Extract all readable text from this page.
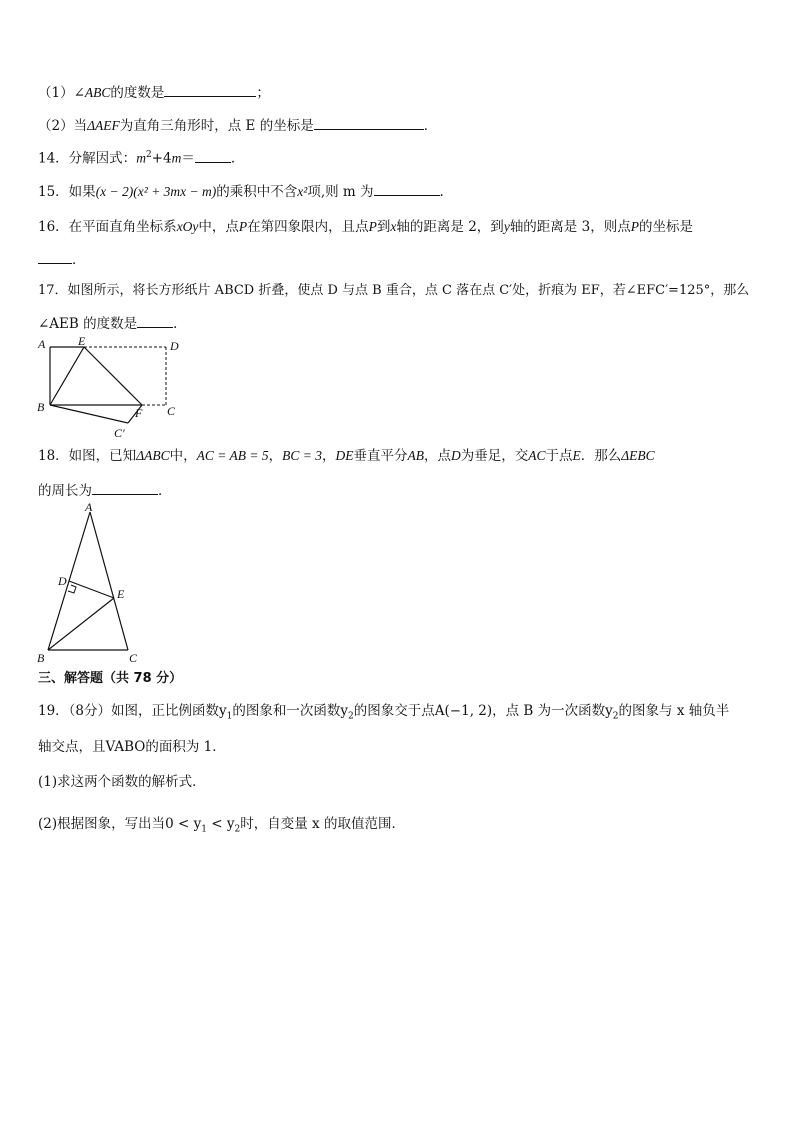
（1）∠ABC的度数是	；
（2）当ΔAEF为直角三角形时，点 E 的坐标是	．
14．分解因式：$m^2+4m=$	．
15．如果(x − 2)(x² + 3mx − m)的乘积中不含x²项,则 m 为	.
16．在平面直角坐标系xOy中，点P在第四象限内，且点P到x轴的距离是 2，到y轴的距离是 3，则点P的坐标是
．
17．如图所示，将长方形纸片 ABCD 折叠，使点 D 与点 B 重合，点 C 落在点 C′处，折痕为 EF，若∠EFC′=125°，那么
∠AEB 的度数是	．
A	E	D
B	F C
C′
18．如图，已知ΔABC中，AC = AB = 5，BC = 3，DE垂直平分AB，点D为垂足，交AC于点E．那么ΔEBC
的周长为	．
A
D
E
B	C
三、解答题（共 78 分）
19．（8分）如图，正比例函数$y_1$的图象和一次函数$y_2$的图象交于点A(−1, 2)，点 B 为一次函数$y_2$的图象与 x 轴负半
轴交点，且VABO的面积为 1．
(1)求这两个函数的解析式．
(2)根据图象，写出当$0 < y_1 < y_2$时，自变量 x 的取值范围．
